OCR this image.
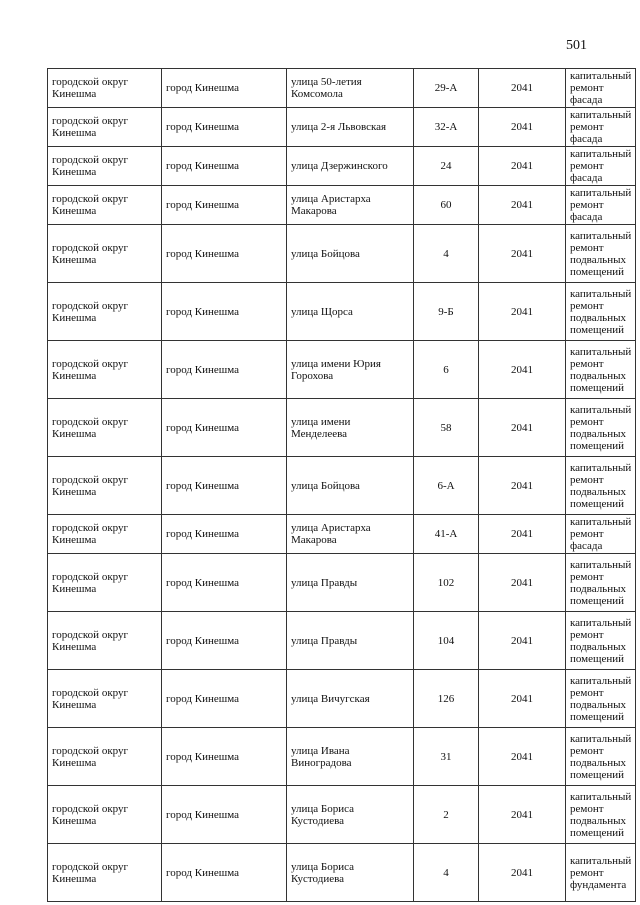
501
городской округ Кинешма	город Кинешма	улица 50-летия Комсомола	29-А	2041	капитальный ремонт фасада
городской округ Кинешма	город Кинешма	улица 2-я Львовская	32-А	2041	капитальный ремонт фасада
городской округ Кинешма	город Кинешма	улица Дзержинского	24	2041	капитальный ремонт фасада
городской округ Кинешма	город Кинешма	улица Аристарха Макарова	60	2041	капитальный ремонт фасада
городской округ Кинешма	город Кинешма	улица Бойцова	4	2041	капитальный ремонт подвальных помещений
городской округ Кинешма	город Кинешма	улица Щорса	9-Б	2041	капитальный ремонт подвальных помещений
городской округ Кинешма	город Кинешма	улица имени Юрия Горохова	6	2041	капитальный ремонт подвальных помещений
городской округ Кинешма	город Кинешма	улица имени Менделеева	58	2041	капитальный ремонт подвальных помещений
городской округ Кинешма	город Кинешма	улица Бойцова	6-А	2041	капитальный ремонт подвальных помещений
городской округ Кинешма	город Кинешма	улица Аристарха Макарова	41-А	2041	капитальный ремонт фасада
городской округ Кинешма	город Кинешма	улица Правды	102	2041	капитальный ремонт подвальных помещений
городской округ Кинешма	город Кинешма	улица Правды	104	2041	капитальный ремонт подвальных помещений
городской округ Кинешма	город Кинешма	улица Вичугская	126	2041	капитальный ремонт подвальных помещений
городской округ Кинешма	город Кинешма	улица Ивана Виноградова	31	2041	капитальный ремонт подвальных помещений
городской округ Кинешма	город Кинешма	улица Бориса Кустодиева	2	2041	капитальный ремонт подвальных помещений
городской округ Кинешма	город Кинешма	улица Бориса Кустодиева	4	2041	капитальный ремонт фундамента
